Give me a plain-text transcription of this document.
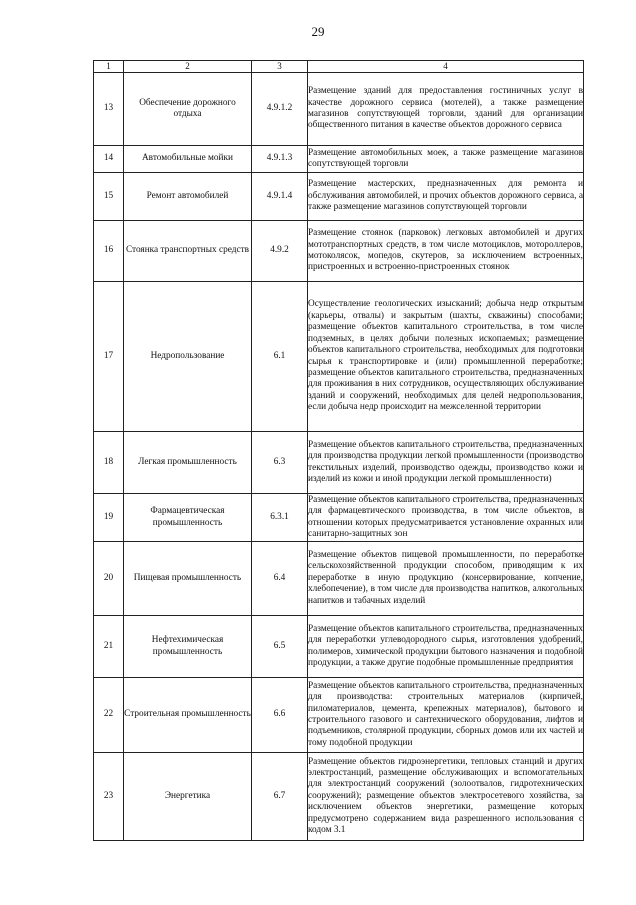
29
1	2	3	4
13	Обеспечение дорожного отдыха	4.9.1.2	Размещение зданий для предоставления гостиничных услуг в качестве дорожного сервиса (мотелей), а также размещение магазинов сопутствующей торговли, зданий для организации общественного питания в качестве объектов дорожного сервиса
14	Автомобильные мойки	4.9.1.3	Размещение автомобильных моек, а также размещение магазинов сопутствующей торговли
15	Ремонт автомобилей	4.9.1.4	Размещение мастерских, предназначенных для ремонта и обслуживания автомобилей, и прочих объектов дорожного сервиса, а также размещение магазинов сопутствующей торговли
16	Стоянка транспортных средств	4.9.2	Размещение стоянок (парковок) легковых автомобилей и других мототранспортных средств, в том числе мотоциклов, мотороллеров, мотоколясок, мопедов, скутеров, за исключением встроенных, пристроенных и встроенно-пристроенных стоянок
17	Недропользование	6.1	Осуществление геологических изысканий; добыча недр открытым (карьеры, отвалы) и закрытым (шахты, скважины) способами; размещение объектов капитального строительства, в том числе подземных, в целях добычи полезных ископаемых; размещение объектов капитального строительства, необходимых для подготовки сырья к транспортировке и (или) промышленной переработке; размещение объектов капитального строительства, предназначенных для проживания в них сотрудников, осуществляющих обслуживание зданий и сооружений, необходимых для целей недропользования, если добыча недр происходит на межселенной территории
18	Легкая промышленность	6.3	Размещение объектов капитального строительства, предназначенных для производства продукции легкой промышленности (производство текстильных изделий, производство одежды, производство кожи и изделий из кожи и иной продукции легкой промышленности)
19	Фармацевтическая промышленность	6.3.1	Размещение объектов капитального строительства, предназначенных для фармацевтического производства, в том числе объектов, в отношении которых предусматривается установление охранных или санитарно-защитных зон
20	Пищевая промышленность	6.4	Размещение объектов пищевой промышленности, по переработке сельскохозяйственной продукции способом, приводящим к их переработке в иную продукцию (консервирование, копчение, хлебопечение), в том числе для производства напитков, алкогольных напитков и табачных изделий
21	Нефтехимическая промышленность	6.5	Размещение объектов капитального строительства, предназначенных для переработки углеводородного сырья, изготовления удобрений, полимеров, химической продукции бытового назначения и подобной продукции, а также другие подобные промышленные предприятия
22	Строительная промышленность	6.6	Размещение объектов капитального строительства, предназначенных для производства: строительных материалов (кирпичей, пиломатериалов, цемента, крепежных материалов), бытового и строительного газового и сантехнического оборудования, лифтов и подъемников, столярной продукции, сборных домов или их частей и тому подобной продукции
23	Энергетика	6.7	Размещение объектов гидроэнергетики, тепловых станций и других электростанций, размещение обслуживающих и вспомогательных для электростанций сооружений (золоотвалов, гидротехнических сооружений); размещение объектов электросетевого хозяйства, за исключением объектов энергетики, размещение которых предусмотрено содержанием вида разрешенного использования с кодом 3.1
